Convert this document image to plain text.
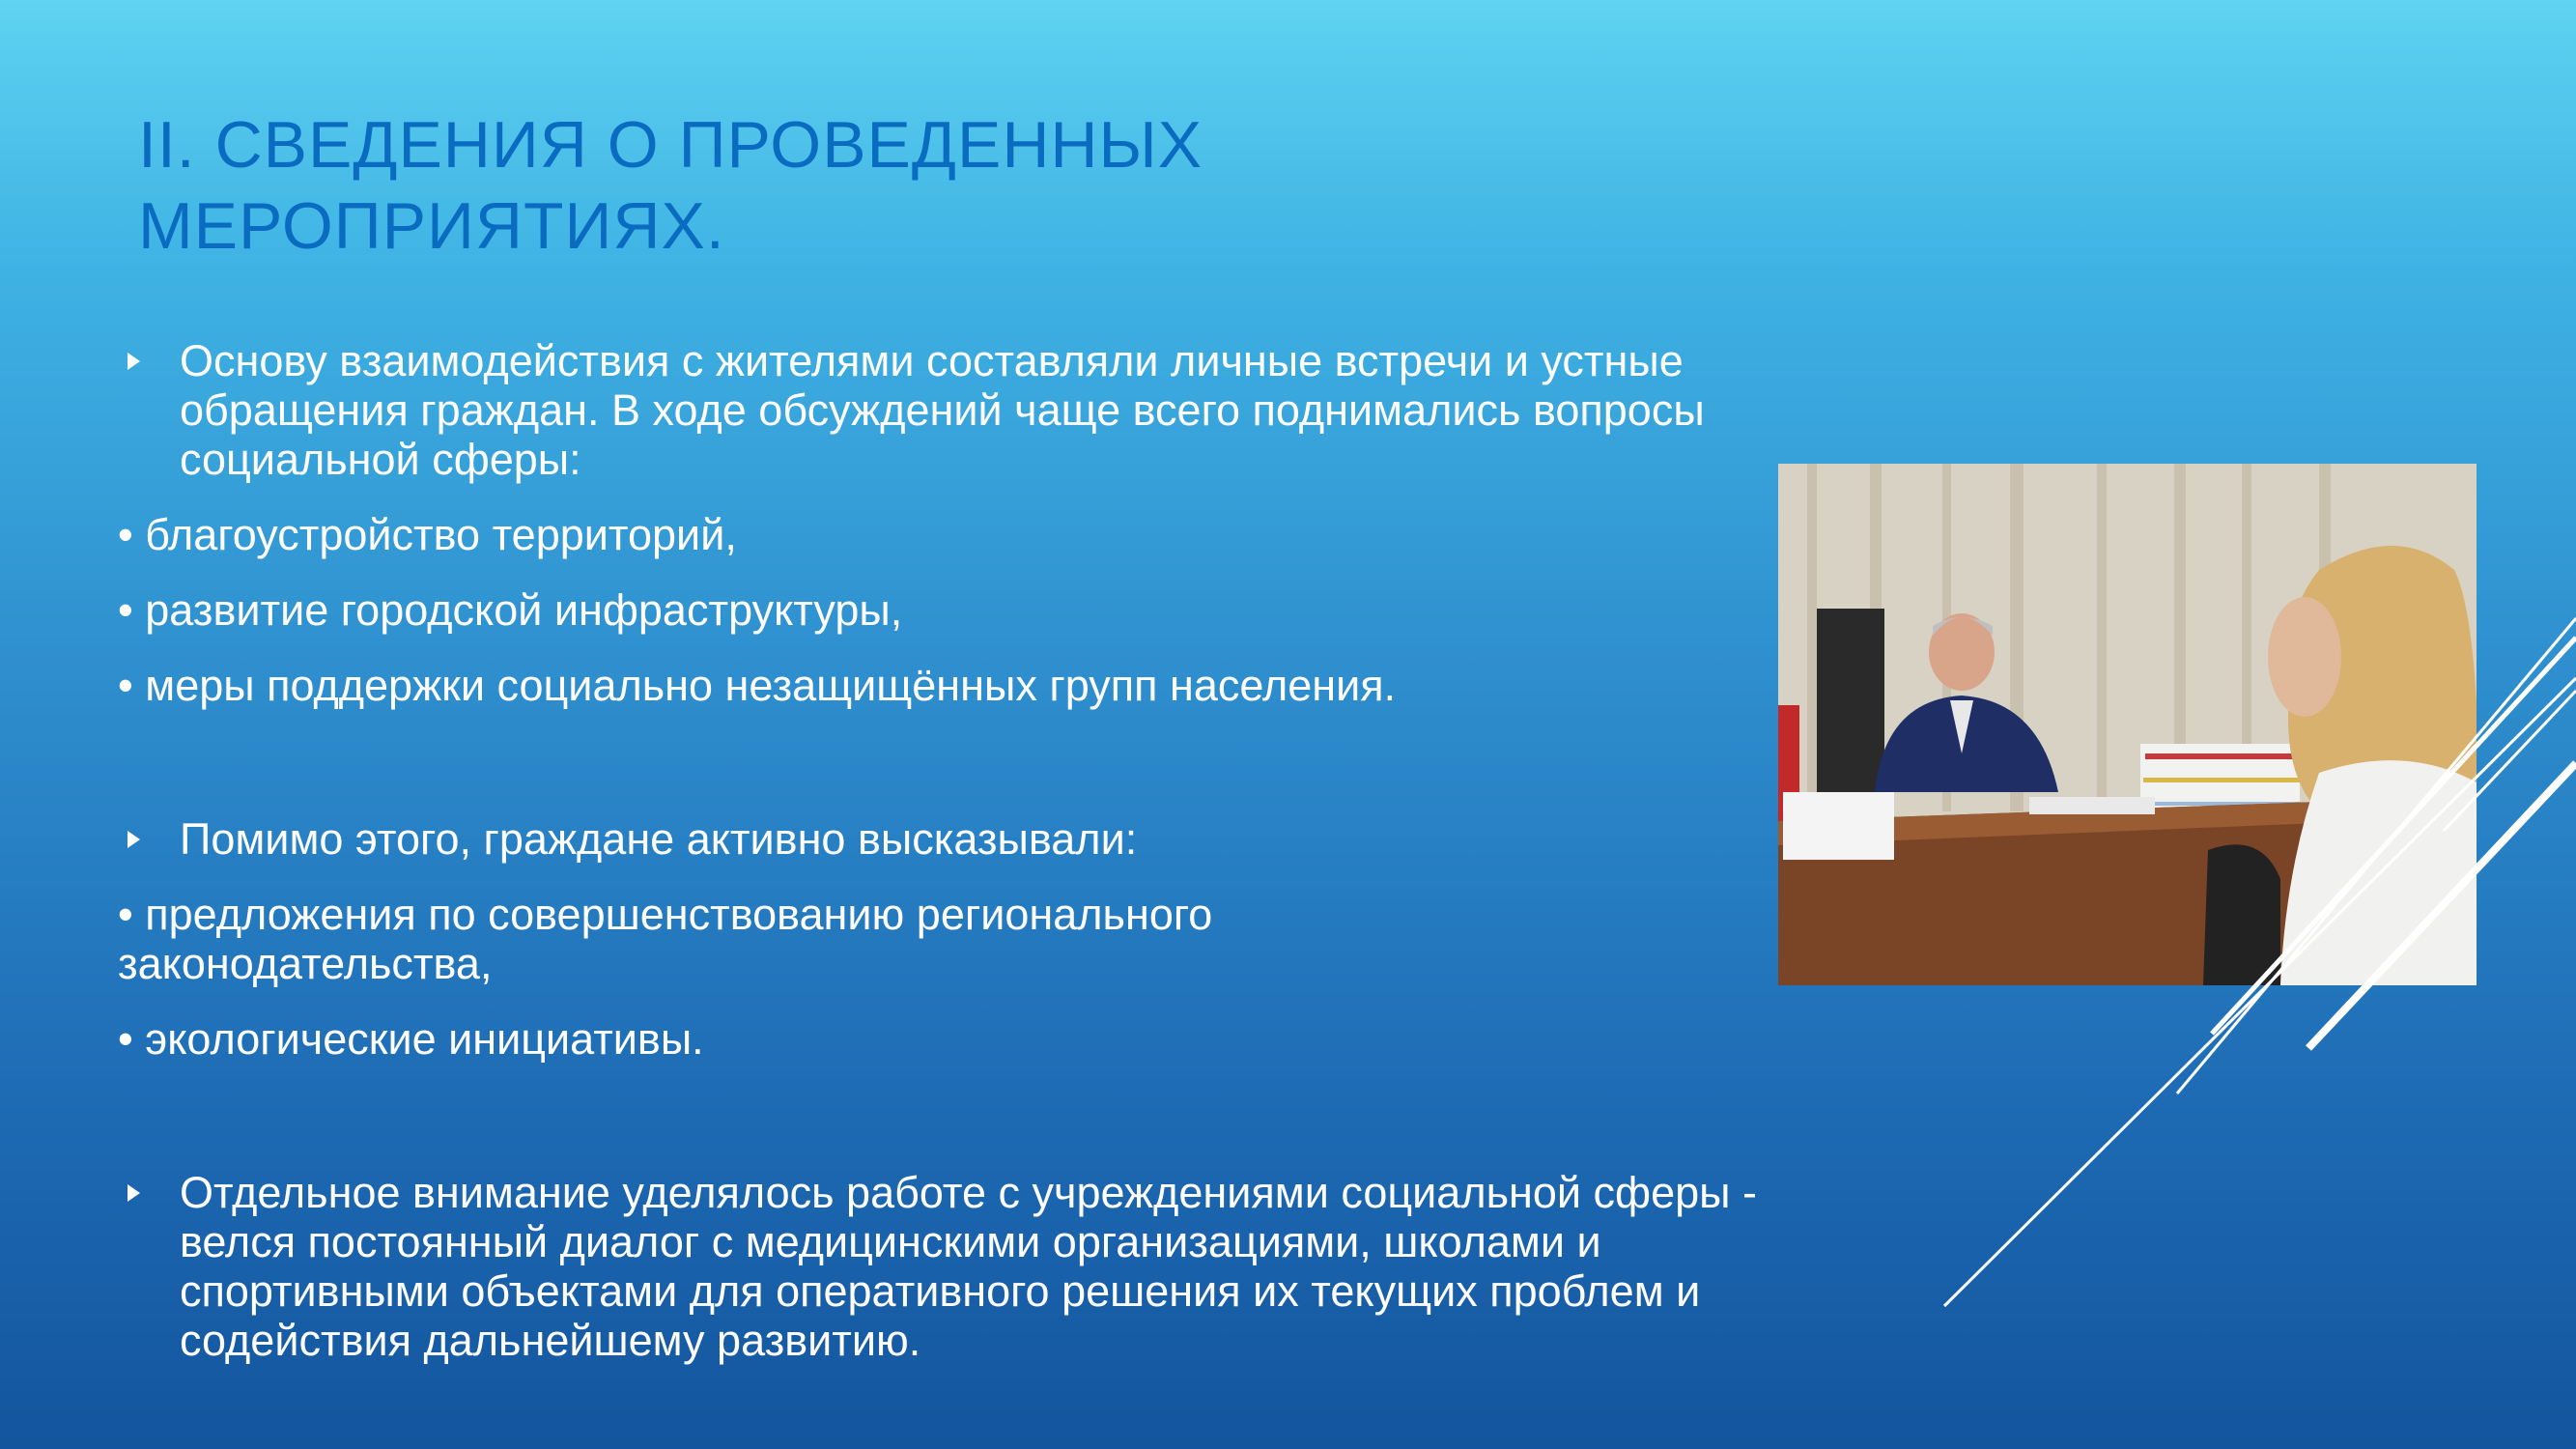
II. СВЕДЕНИЯ О ПРОВЕДЕННЫХ МЕРОПРИЯТИЯХ.
Основу взаимодействия с жителями составляли личные встречи и устные обращения граждан. В ходе обсуждений чаще всего поднимались вопросы социальной сферы:
• благоустройство территорий,
• развитие городской инфраструктуры,
• меры поддержки социально незащищённых групп населения.
Помимо этого, граждане активно высказывали:
• предложения по совершенствованию регионального законодательства,
• экологические инициативы.
Отдельное внимание уделялось работе с учреждениями социальной сферы - велся постоянный диалог с медицинскими организациями, школами и спортивными объектами для оперативного решения их текущих проблем и содействия дальнейшему развитию.
